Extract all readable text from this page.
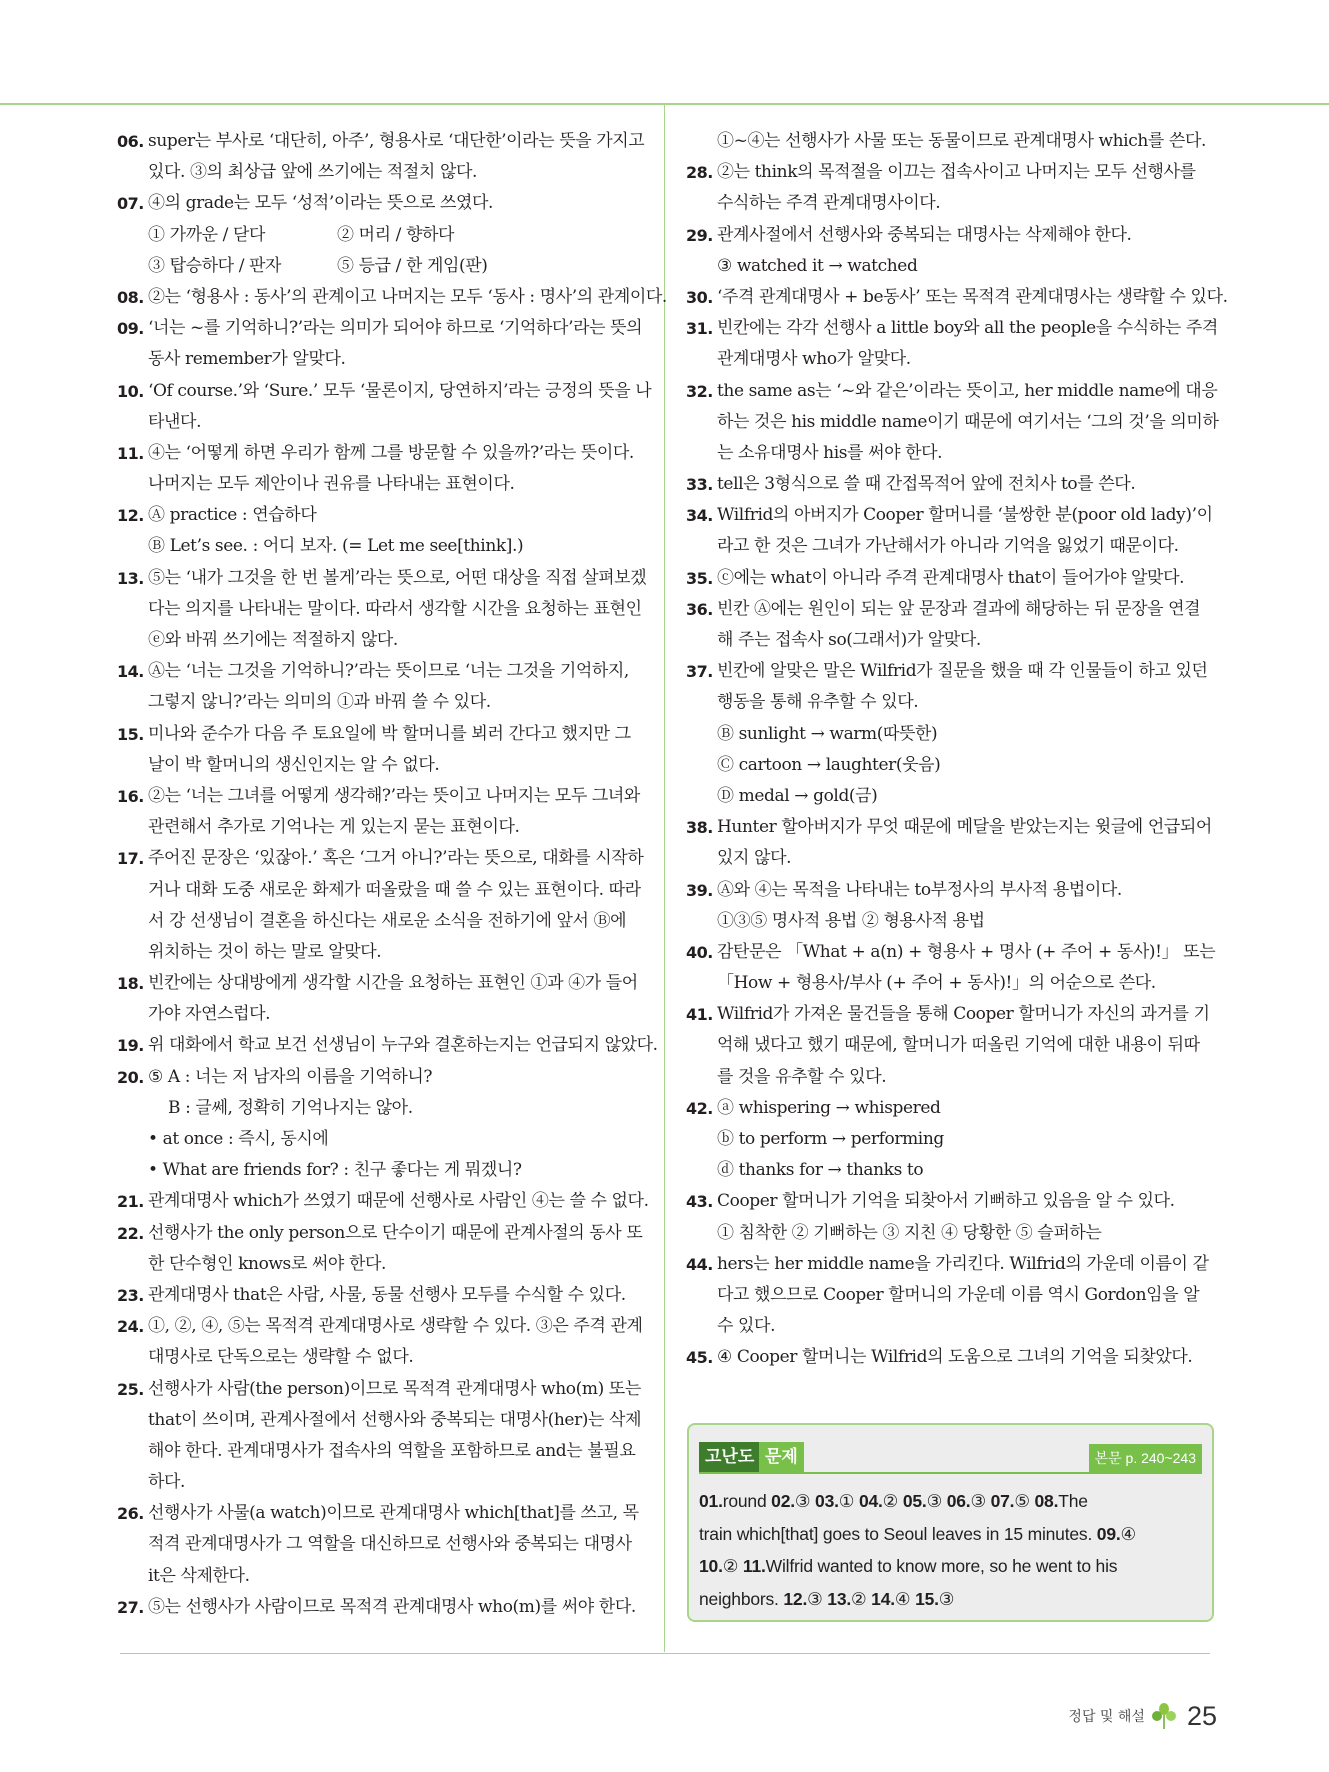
06. super는 부사로 ‘대단히, 아주’, 형용사로 ‘대단한’이라는 뜻을 가지고
있다. ③의 최상급 앞에 쓰기에는 적절치 않다.
07. ④의 grade는 모두 ‘성적’이라는 뜻으로 쓰였다.
① 가까운 / 닫다	② 머리 / 향하다
③ 탑승하다 / 판자	⑤ 등급 / 한 게임(판)
08. ②는 ‘형용사 : 동사’의 관계이고 나머지는 모두 ‘동사 : 명사’의 관계이다.
09. ‘너는 ~를 기억하니?’라는 의미가 되어야 하므로 ‘기억하다’라는 뜻의
동사 remember가 알맞다.
10. ‘Of course.’와 ‘Sure.’ 모두 ‘물론이지, 당연하지’라는 긍정의 뜻을 나
타낸다.
11. ④는 ‘어떻게 하면 우리가 함께 그를 방문할 수 있을까?’라는 뜻이다.
나머지는 모두 제안이나 권유를 나타내는 표현이다.
12. Ⓐ practice : 연습하다
Ⓑ Let’s see. : 어디 보자. (= Let me see[think].)
13. ⑤는 ‘내가 그것을 한 번 볼게’라는 뜻으로, 어떤 대상을 직접 살펴보겠
다는 의지를 나타내는 말이다. 따라서 생각할 시간을 요청하는 표현인
ⓔ와 바꿔 쓰기에는 적절하지 않다.
14. Ⓐ는 ‘너는 그것을 기억하니?’라는 뜻이므로 ‘너는 그것을 기억하지,
그렇지 않니?’라는 의미의 ①과 바꿔 쓸 수 있다.
15. 미나와 준수가 다음 주 토요일에 박 할머니를 뵈러 간다고 했지만 그
날이 박 할머니의 생신인지는 알 수 없다.
16. ②는 ‘너는 그녀를 어떻게 생각해?’라는 뜻이고 나머지는 모두 그녀와
관련해서 추가로 기억나는 게 있는지 묻는 표현이다.
17. 주어진 문장은 ‘있잖아.’ 혹은 ‘그거 아니?’라는 뜻으로, 대화를 시작하
거나 대화 도중 새로운 화제가 떠올랐을 때 쓸 수 있는 표현이다. 따라
서 강 선생님이 결혼을 하신다는 새로운 소식을 전하기에 앞서 Ⓑ에
위치하는 것이 하는 말로 알맞다.
18. 빈칸에는 상대방에게 생각할 시간을 요청하는 표현인 ①과 ④가 들어
가야 자연스럽다.
19. 위 대화에서 학교 보건 선생님이 누구와 결혼하는지는 언급되지 않았다.
20. ⑤ A : 너는 저 남자의 이름을 기억하니?
B : 글쎄, 정확히 기억나지는 않아.
• at once : 즉시, 동시에
• What are friends for? : 친구 좋다는 게 뭐겠니?
21. 관계대명사 which가 쓰였기 때문에 선행사로 사람인 ④는 쓸 수 없다.
22. 선행사가 the only person으로 단수이기 때문에 관계사절의 동사 또
한 단수형인 knows로 써야 한다.
23. 관계대명사 that은 사람, 사물, 동물 선행사 모두를 수식할 수 있다.
24. ①, ②, ④, ⑤는 목적격 관계대명사로 생략할 수 있다. ③은 주격 관계
대명사로 단독으로는 생략할 수 없다.
25. 선행사가 사람(the person)이므로 목적격 관계대명사 who(m) 또는
that이 쓰이며, 관계사절에서 선행사와 중복되는 대명사(her)는 삭제
해야 한다. 관계대명사가 접속사의 역할을 포함하므로 and는 불필요
하다.
26. 선행사가 사물(a watch)이므로 관계대명사 which[that]를 쓰고, 목
적격 관계대명사가 그 역할을 대신하므로 선행사와 중복되는 대명사
it은 삭제한다.
27. ⑤는 선행사가 사람이므로 목적격 관계대명사 who(m)를 써야 한다.
①~④는 선행사가 사물 또는 동물이므로 관계대명사 which를 쓴다.
28. ②는 think의 목적절을 이끄는 접속사이고 나머지는 모두 선행사를
수식하는 주격 관계대명사이다.
29. 관계사절에서 선행사와 중복되는 대명사는 삭제해야 한다.
③ watched it → watched
30. ‘주격 관계대명사 + be동사’ 또는 목적격 관계대명사는 생략할 수 있다.
31. 빈칸에는 각각 선행사 a little boy와 all the people을 수식하는 주격
관계대명사 who가 알맞다.
32. the same as는 ‘~와 같은’이라는 뜻이고, her middle name에 대응
하는 것은 his middle name이기 때문에 여기서는 ‘그의 것’을 의미하
는 소유대명사 his를 써야 한다.
33. tell은 3형식으로 쓸 때 간접목적어 앞에 전치사 to를 쓴다.
34. Wilfrid의 아버지가 Cooper 할머니를 ‘불쌍한 분(poor old lady)’이
라고 한 것은 그녀가 가난해서가 아니라 기억을 잃었기 때문이다.
35. ⓒ에는 what이 아니라 주격 관계대명사 that이 들어가야 알맞다.
36. 빈칸 Ⓐ에는 원인이 되는 앞 문장과 결과에 해당하는 뒤 문장을 연결
해 주는 접속사 so(그래서)가 알맞다.
37. 빈칸에 알맞은 말은 Wilfrid가 질문을 했을 때 각 인물들이 하고 있던
행동을 통해 유추할 수 있다.
Ⓑ sunlight → warm(따뜻한)
Ⓒ cartoon → laughter(웃음)
Ⓓ medal → gold(금)
38. Hunter 할아버지가 무엇 때문에 메달을 받았는지는 윗글에 언급되어
있지 않다.
39. Ⓐ와 ④는 목적을 나타내는 to부정사의 부사적 용법이다.
①③⑤ 명사적 용법 ② 형용사적 용법
40. 감탄문은 「What + a(n) + 형용사 + 명사 (+ 주어 + 동사)!」 또는
「How + 형용사/부사 (+ 주어 + 동사)!」의 어순으로 쓴다.
41. Wilfrid가 가져온 물건들을 통해 Cooper 할머니가 자신의 과거를 기
억해 냈다고 했기 때문에, 할머니가 떠올린 기억에 대한 내용이 뒤따
를 것을 유추할 수 있다.
42. ⓐ whispering → whispered
ⓑ to perform → performing
ⓓ thanks for → thanks to
43. Cooper 할머니가 기억을 되찾아서 기뻐하고 있음을 알 수 있다.
① 침착한 ② 기뻐하는 ③ 지친 ④ 당황한 ⑤ 슬퍼하는
44. hers는 her middle name을 가리킨다. Wilfrid의 가운데 이름이 같
다고 했으므로 Cooper 할머니의 가운데 이름 역시 Gordon임을 알
수 있다.
45. ④ Cooper 할머니는 Wilfrid의 도움으로 그녀의 기억을 되찾았다.
고난도 문제	본문 p. 240~243
01.round 02.③ 03.① 04.② 05.③ 06.③ 07.⑤ 08.The
train which[that] goes to Seoul leaves in 15 minutes. 09.④
10.② 11.Wilfrid wanted to know more, so he went to his
neighbors. 12.③ 13.② 14.④ 15.③
정답 및 해설 25
